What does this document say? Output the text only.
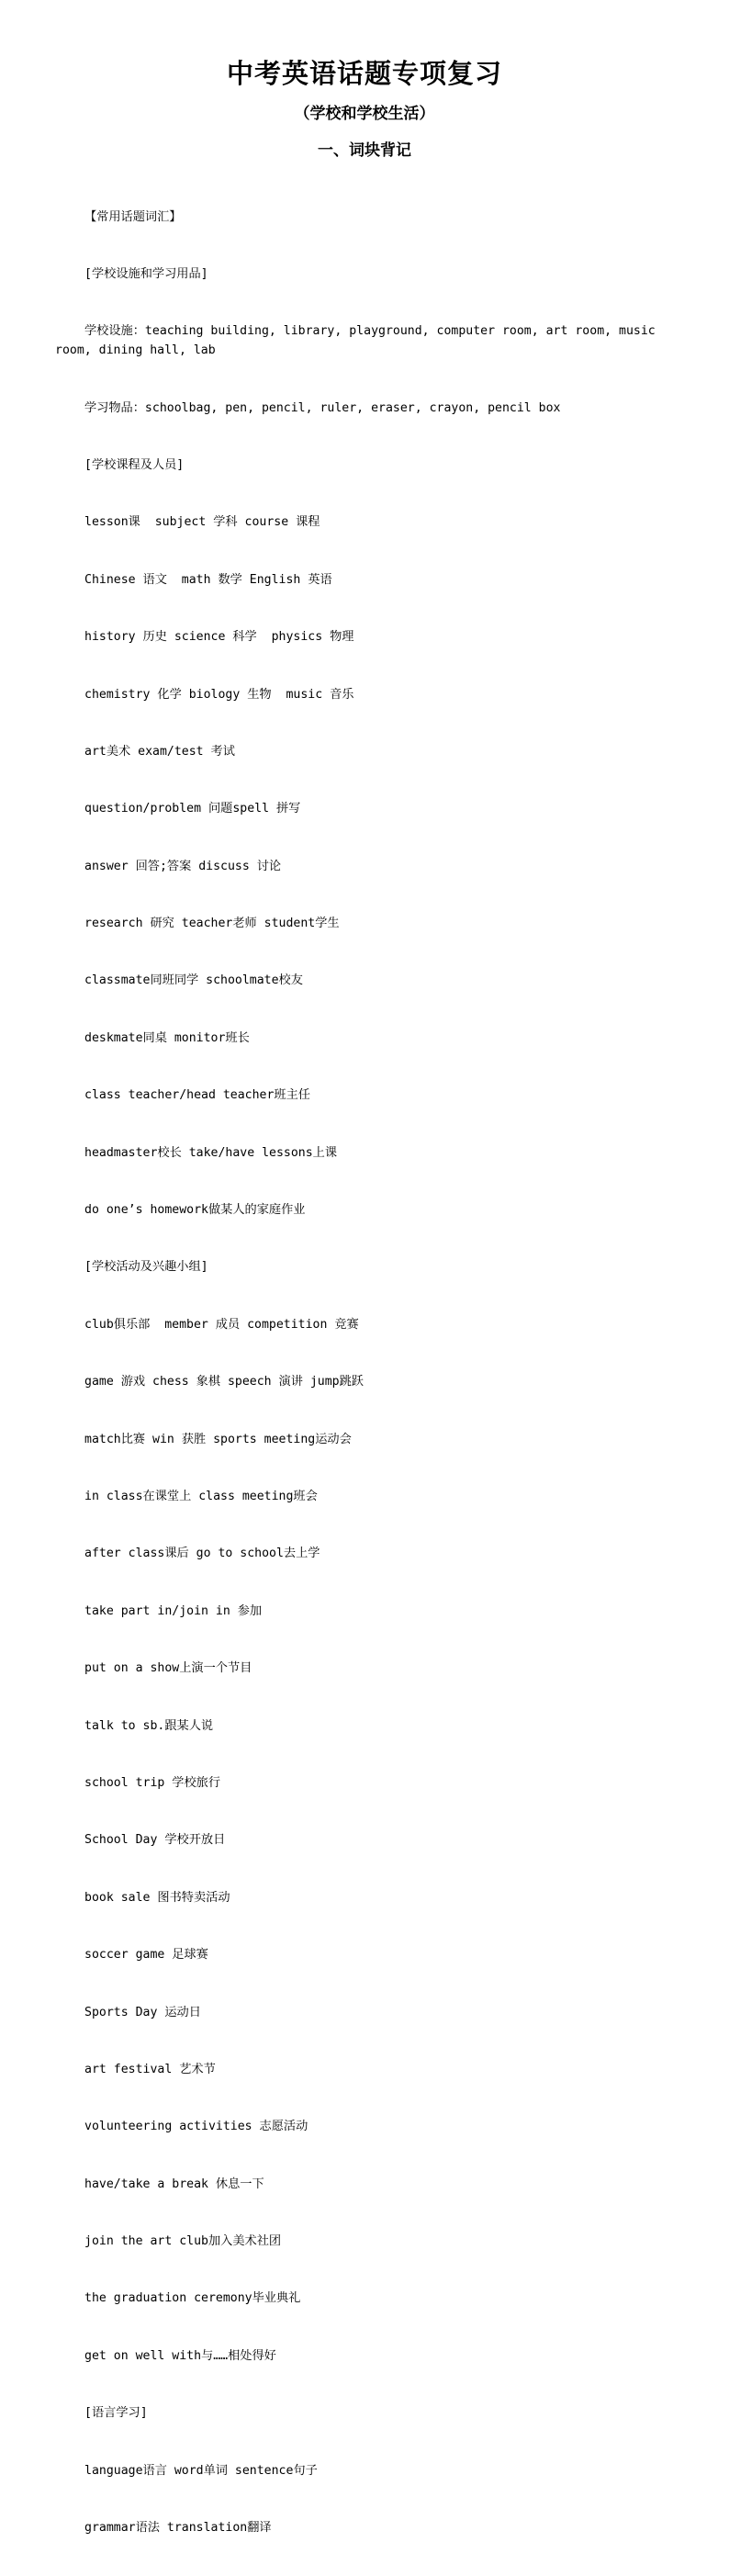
中考英语话题专项复习
（学校和学校生活）
一、词块背记

【常用话题词汇】

[学校设施和学习用品]

学校设施：teaching building, library, playground, computer room, art room, music room, dining hall, lab

学习物品：schoolbag, pen, pencil, ruler, eraser, crayon, pencil box

[学校课程及人员]

lesson课  subject 学科 course 课程

Chinese 语文  math 数学 English 英语

history 历史 science 科学  physics 物理

chemistry 化学 biology 生物  music 音乐

art美术 exam/test 考试

question/problem 问题spell 拼写

answer 回答;答案 discuss 讨论

research 研究 teacher老师 student学生

classmate同班同学 schoolmate校友

deskmate同桌 monitor班长

class teacher/head teacher班主任

headmaster校长 take/have lessons上课

do one’s homework做某人的家庭作业

[学校活动及兴趣小组]

club俱乐部  member 成员 competition 竞赛

game 游戏 chess 象棋 speech 演讲 jump跳跃

match比赛 win 获胜 sports meeting运动会

in class在课堂上 class meeting班会

after class课后 go to school去上学

take part in/join in 参加

put on a show上演一个节目

talk to sb.跟某人说

school trip 学校旅行

School Day 学校开放日

book sale 图书特卖活动

soccer game 足球赛

Sports Day 运动日

art festival 艺术节

volunteering activities 志愿活动

have/take a break 休息一下

join the art club加入美术社团

the graduation ceremony毕业典礼

get on well with与……相处得好

[语言学习]

language语言 word单词 sentence句子

grammar语法 translation翻译
